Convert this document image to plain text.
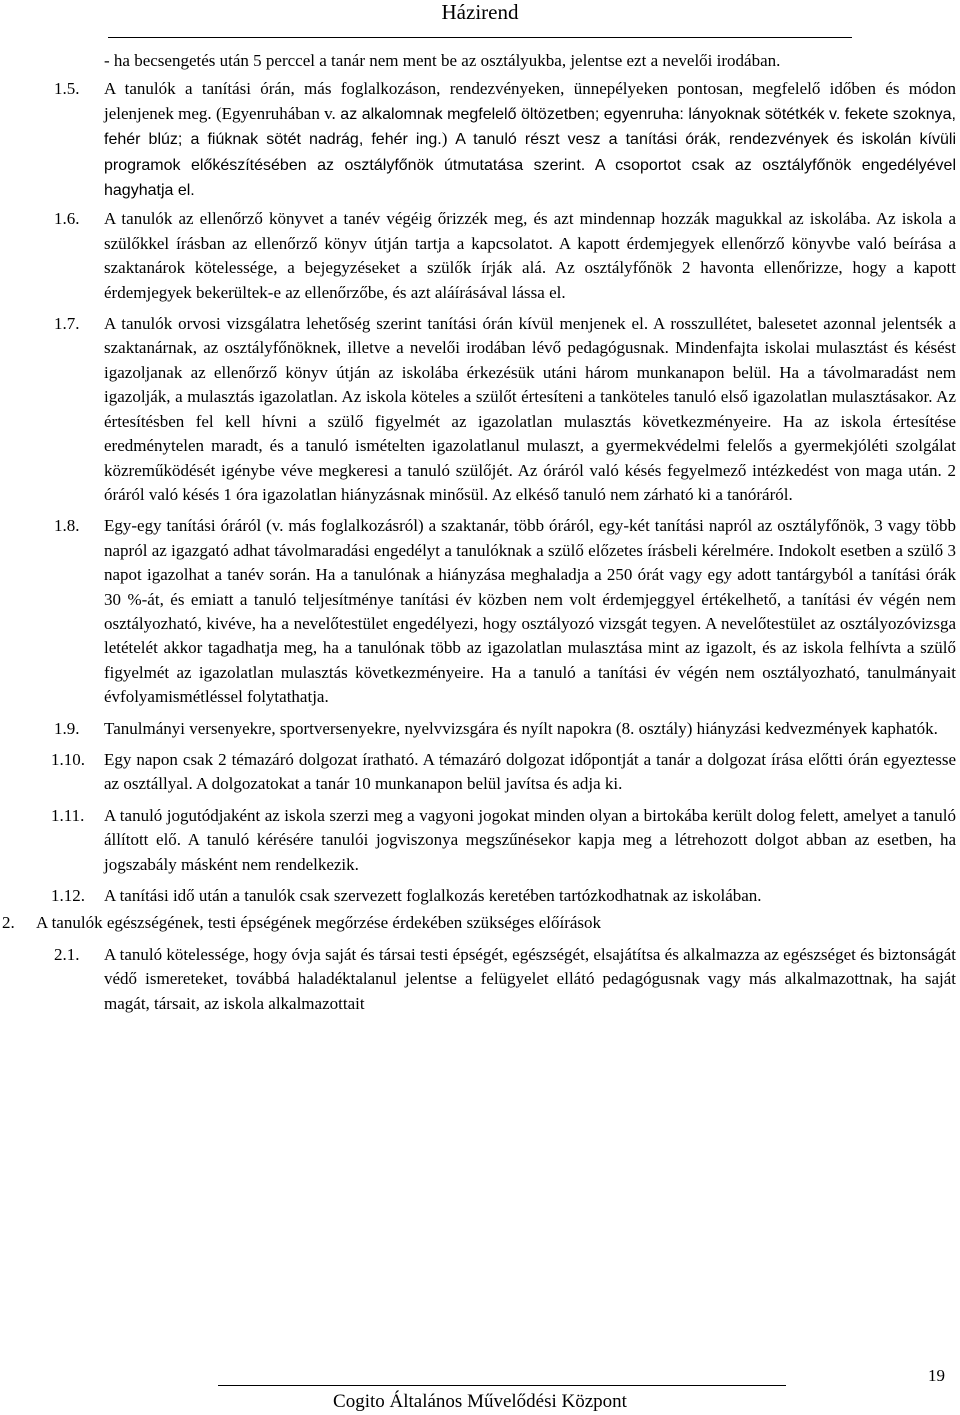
Házirend
- ha becsengetés után 5 perccel a tanár nem ment be az osztályukba, jelentse ezt a nevelői irodában.
1.5. A tanulók a tanítási órán, más foglalkozáson, rendezvényeken, ünnepélyeken pontosan, megfelelő időben és módon jelenjenek meg. (Egyenruhában v. az alkalomnak megfelelő öltözetben; egyenruha: lányoknak sötétkék v. fekete szoknya, fehér blúz; a fiúknak sötét nadrág, fehér ing.) A tanuló részt vesz a tanítási órák, rendezvények és iskolán kívüli programok előkészítésében az osztályfőnök útmutatása szerint. A csoportot csak az osztályfőnök engedélyével hagyhatja el.
1.6. A tanulók az ellenőrző könyvet a tanév végéig őrizzék meg, és azt mindennap hozzák magukkal az iskolába. Az iskola a szülőkkel írásban az ellenőrző könyv útján tartja a kapcsolatot. A kapott érdemjegyek ellenőrző könyvbe való beírása a szaktanárok kötelessége, a bejegyzéseket a szülők írják alá. Az osztályfőnök 2 havonta ellenőrizze, hogy a kapott érdemjegyek bekerültek-e az ellenőrzőbe, és azt aláírásával lássa el.
1.7. A tanulók orvosi vizsgálatra lehetőség szerint tanítási órán kívül menjenek el. A rosszullétet, balesetet azonnal jelentsék a szaktanárnak, az osztályfőnöknek, illetve a nevelői irodában lévő pedagógusnak. Mindenfajta iskolai mulasztást és késést igazoljanak az ellenőrző könyv útján az iskolába érkezésük utáni három munkanapon belül. Ha a távolmaradást nem igazolják, a mulasztás igazolatlan. Az iskola köteles a szülőt értesíteni a tanköteles tanuló első igazolatlan mulasztásakor. Az értesítésben fel kell hívni a szülő figyelmét az igazolatlan mulasztás következményeire. Ha az iskola értesítése eredménytelen maradt, és a tanuló ismételten igazolatlanul mulaszt, a gyermekvédelmi felelős a gyermekjóléti szolgálat közreműködését igénybe véve megkeresi a tanuló szülőjét. Az óráról való késés fegyelmező intézkedést von maga után. 2 óráról való késés 1 óra igazolatlan hiányzásnak minősül. Az elkéső tanuló nem zárható ki a tanóráról.
1.8. Egy-egy tanítási óráról (v. más foglalkozásról) a szaktanár, több óráról, egy-két tanítási napról az osztályfőnök, 3 vagy több napról az igazgató adhat távolmaradási engedélyt a tanulóknak a szülő előzetes írásbeli kérelmére. Indokolt esetben a szülő 3 napot igazolhat a tanév során. Ha a tanulónak a hiányzása meghaladja a 250 órát vagy egy adott tantárgyból a tanítási órák 30 %-át, és emiatt a tanuló teljesítménye tanítási év közben nem volt érdemjeggyel értékelhető, a tanítási év végén nem osztályozható, kivéve, ha a nevelőtestület engedélyezi, hogy osztályozó vizsgát tegyen. A nevelőtestület az osztályozóvizsga letételét akkor tagadhatja meg, ha a tanulónak több az igazolatlan mulasztása mint az igazolt, és az iskola felhívta a szülő figyelmét az igazolatlan mulasztás következményeire. Ha a tanuló a tanítási év végén nem osztályozható, tanulmányait évfolyamismétléssel folytathatja.
1.9. Tanulmányi versenyekre, sportversenyekre, nyelvvizsgára és nyílt napokra (8. osztály) hiányzási kedvezmények kaphatók.
1.10. Egy napon csak 2 témazáró dolgozat íratható. A témazáró dolgozat időpontját a tanár a dolgozat írása előtti órán egyeztesse az osztállyal. A dolgozatokat a tanár 10 munkanapon belül javítsa és adja ki.
1.11. A tanuló jogutódjaként az iskola szerzi meg a vagyoni jogokat minden olyan a birtokába került dolog felett, amelyet a tanuló állított elő. A tanuló kérésére tanulói jogviszonya megszűnésekor kapja meg a létrehozott dolgot abban az esetben, ha jogszabály másként nem rendelkezik.
1.12. A tanítási idő után a tanulók csak szervezett foglalkozás keretében tartózkodhatnak az iskolában.
2. A tanulók egészségének, testi épségének megőrzése érdekében szükséges előírások
2.1. A tanuló kötelessége, hogy óvja saját és társai testi épségét, egészségét, elsajátítsa és alkalmazza az egészséget és biztonságát védő ismereteket, továbbá haladéktalanul jelentse a felügyelet ellátó pedagógusnak vagy más alkalmazottnak, ha saját magát, társait, az iskola alkalmazottait
19
Cogito Általános Művelődési Központ
